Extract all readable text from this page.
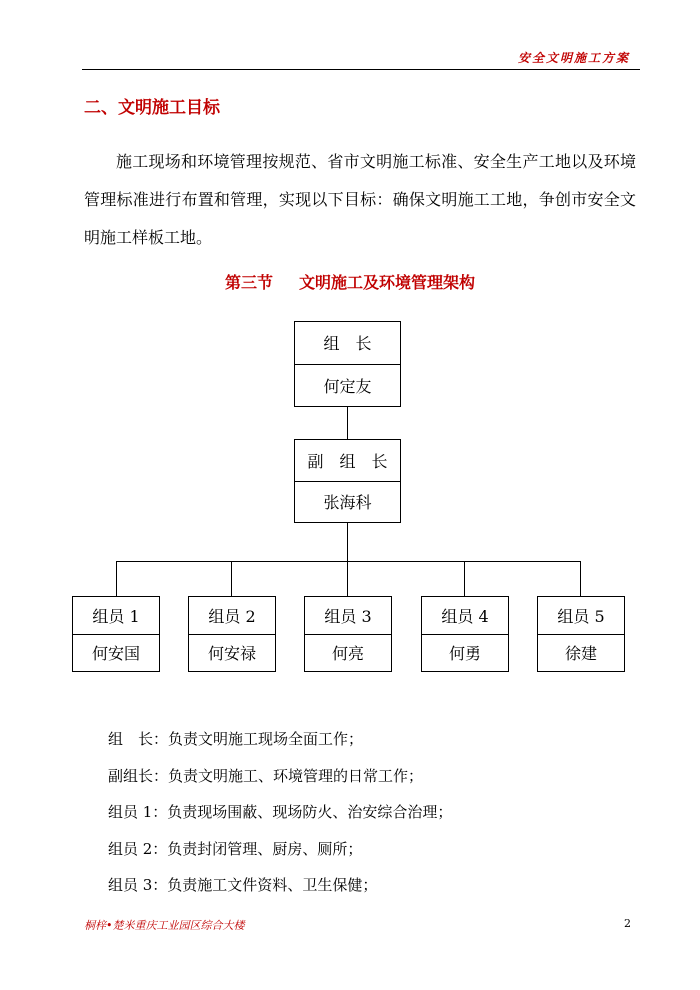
安全文明施工方案
二、文明施工目标
施工现场和环境管理按规范、省市文明施工标准、安全生产工地以及环境管理标准进行布置和管理，实现以下目标：确保文明施工工地，争创市安全文明施工样板工地。
第三节 文明施工及环境管理架构
组　长
何定友
副　组　长
张海科
组员 1
何安国
组员 2
何安禄
组员 3
何亮
组员 4
何勇
组员 5
徐建
组　长：负责文明施工现场全面工作；
副组长：负责文明施工、环境管理的日常工作；
组员 1：负责现场围蔽、现场防火、治安综合治理；
组员 2：负责封闭管理、厨房、厕所；
组员 3：负责施工文件资料、卫生保健；
桐梓•楚米重庆工业园区综合大楼	2
